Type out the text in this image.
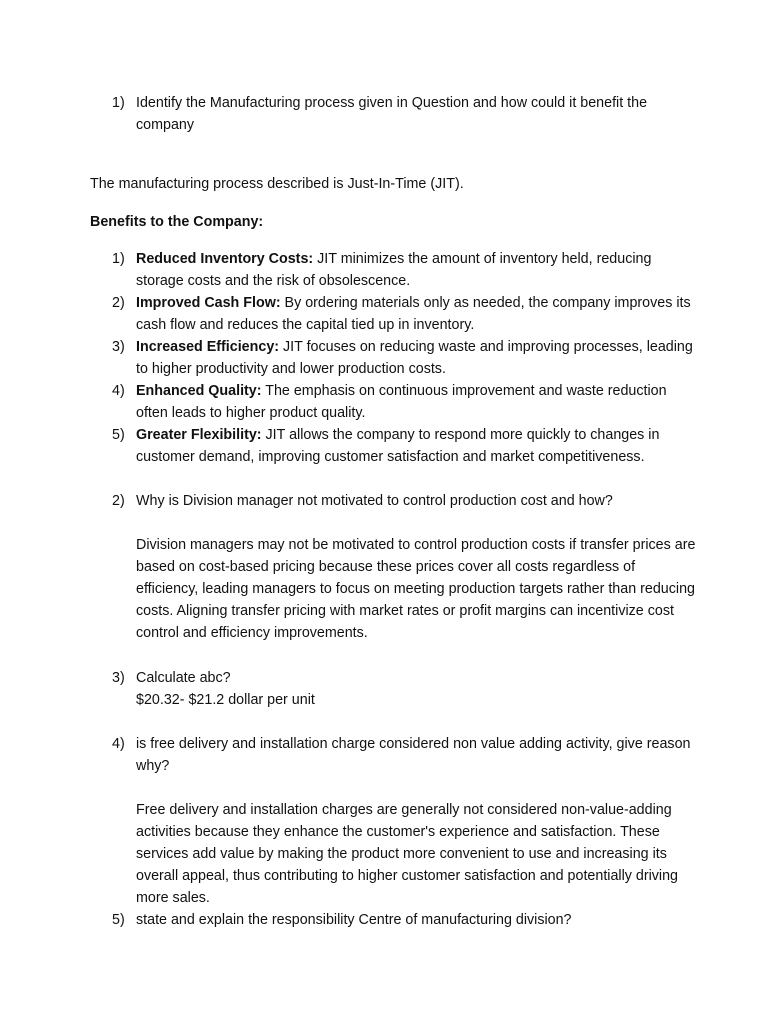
1) Identify the Manufacturing process given in Question and how could it benefit the company
The manufacturing process described is Just-In-Time (JIT).
Benefits to the Company:
1) Reduced Inventory Costs: JIT minimizes the amount of inventory held, reducing storage costs and the risk of obsolescence.
2) Improved Cash Flow: By ordering materials only as needed, the company improves its cash flow and reduces the capital tied up in inventory.
3) Increased Efficiency: JIT focuses on reducing waste and improving processes, leading to higher productivity and lower production costs.
4) Enhanced Quality: The emphasis on continuous improvement and waste reduction often leads to higher product quality.
5) Greater Flexibility: JIT allows the company to respond more quickly to changes in customer demand, improving customer satisfaction and market competitiveness.
2) Why is Division manager not motivated to control production cost and how?
Division managers may not be motivated to control production costs if transfer prices are based on cost-based pricing because these prices cover all costs regardless of efficiency, leading managers to focus on meeting production targets rather than reducing costs. Aligning transfer pricing with market rates or profit margins can incentivize cost control and efficiency improvements.
3) Calculate abc?
$20.32- $21.2 dollar per unit
4) is free delivery and installation charge considered non value adding activity, give reason why?
Free delivery and installation charges are generally not considered non-value-adding activities because they enhance the customer's experience and satisfaction. These services add value by making the product more convenient to use and increasing its overall appeal, thus contributing to higher customer satisfaction and potentially driving more sales.
5) state and explain the responsibility Centre of manufacturing division?
